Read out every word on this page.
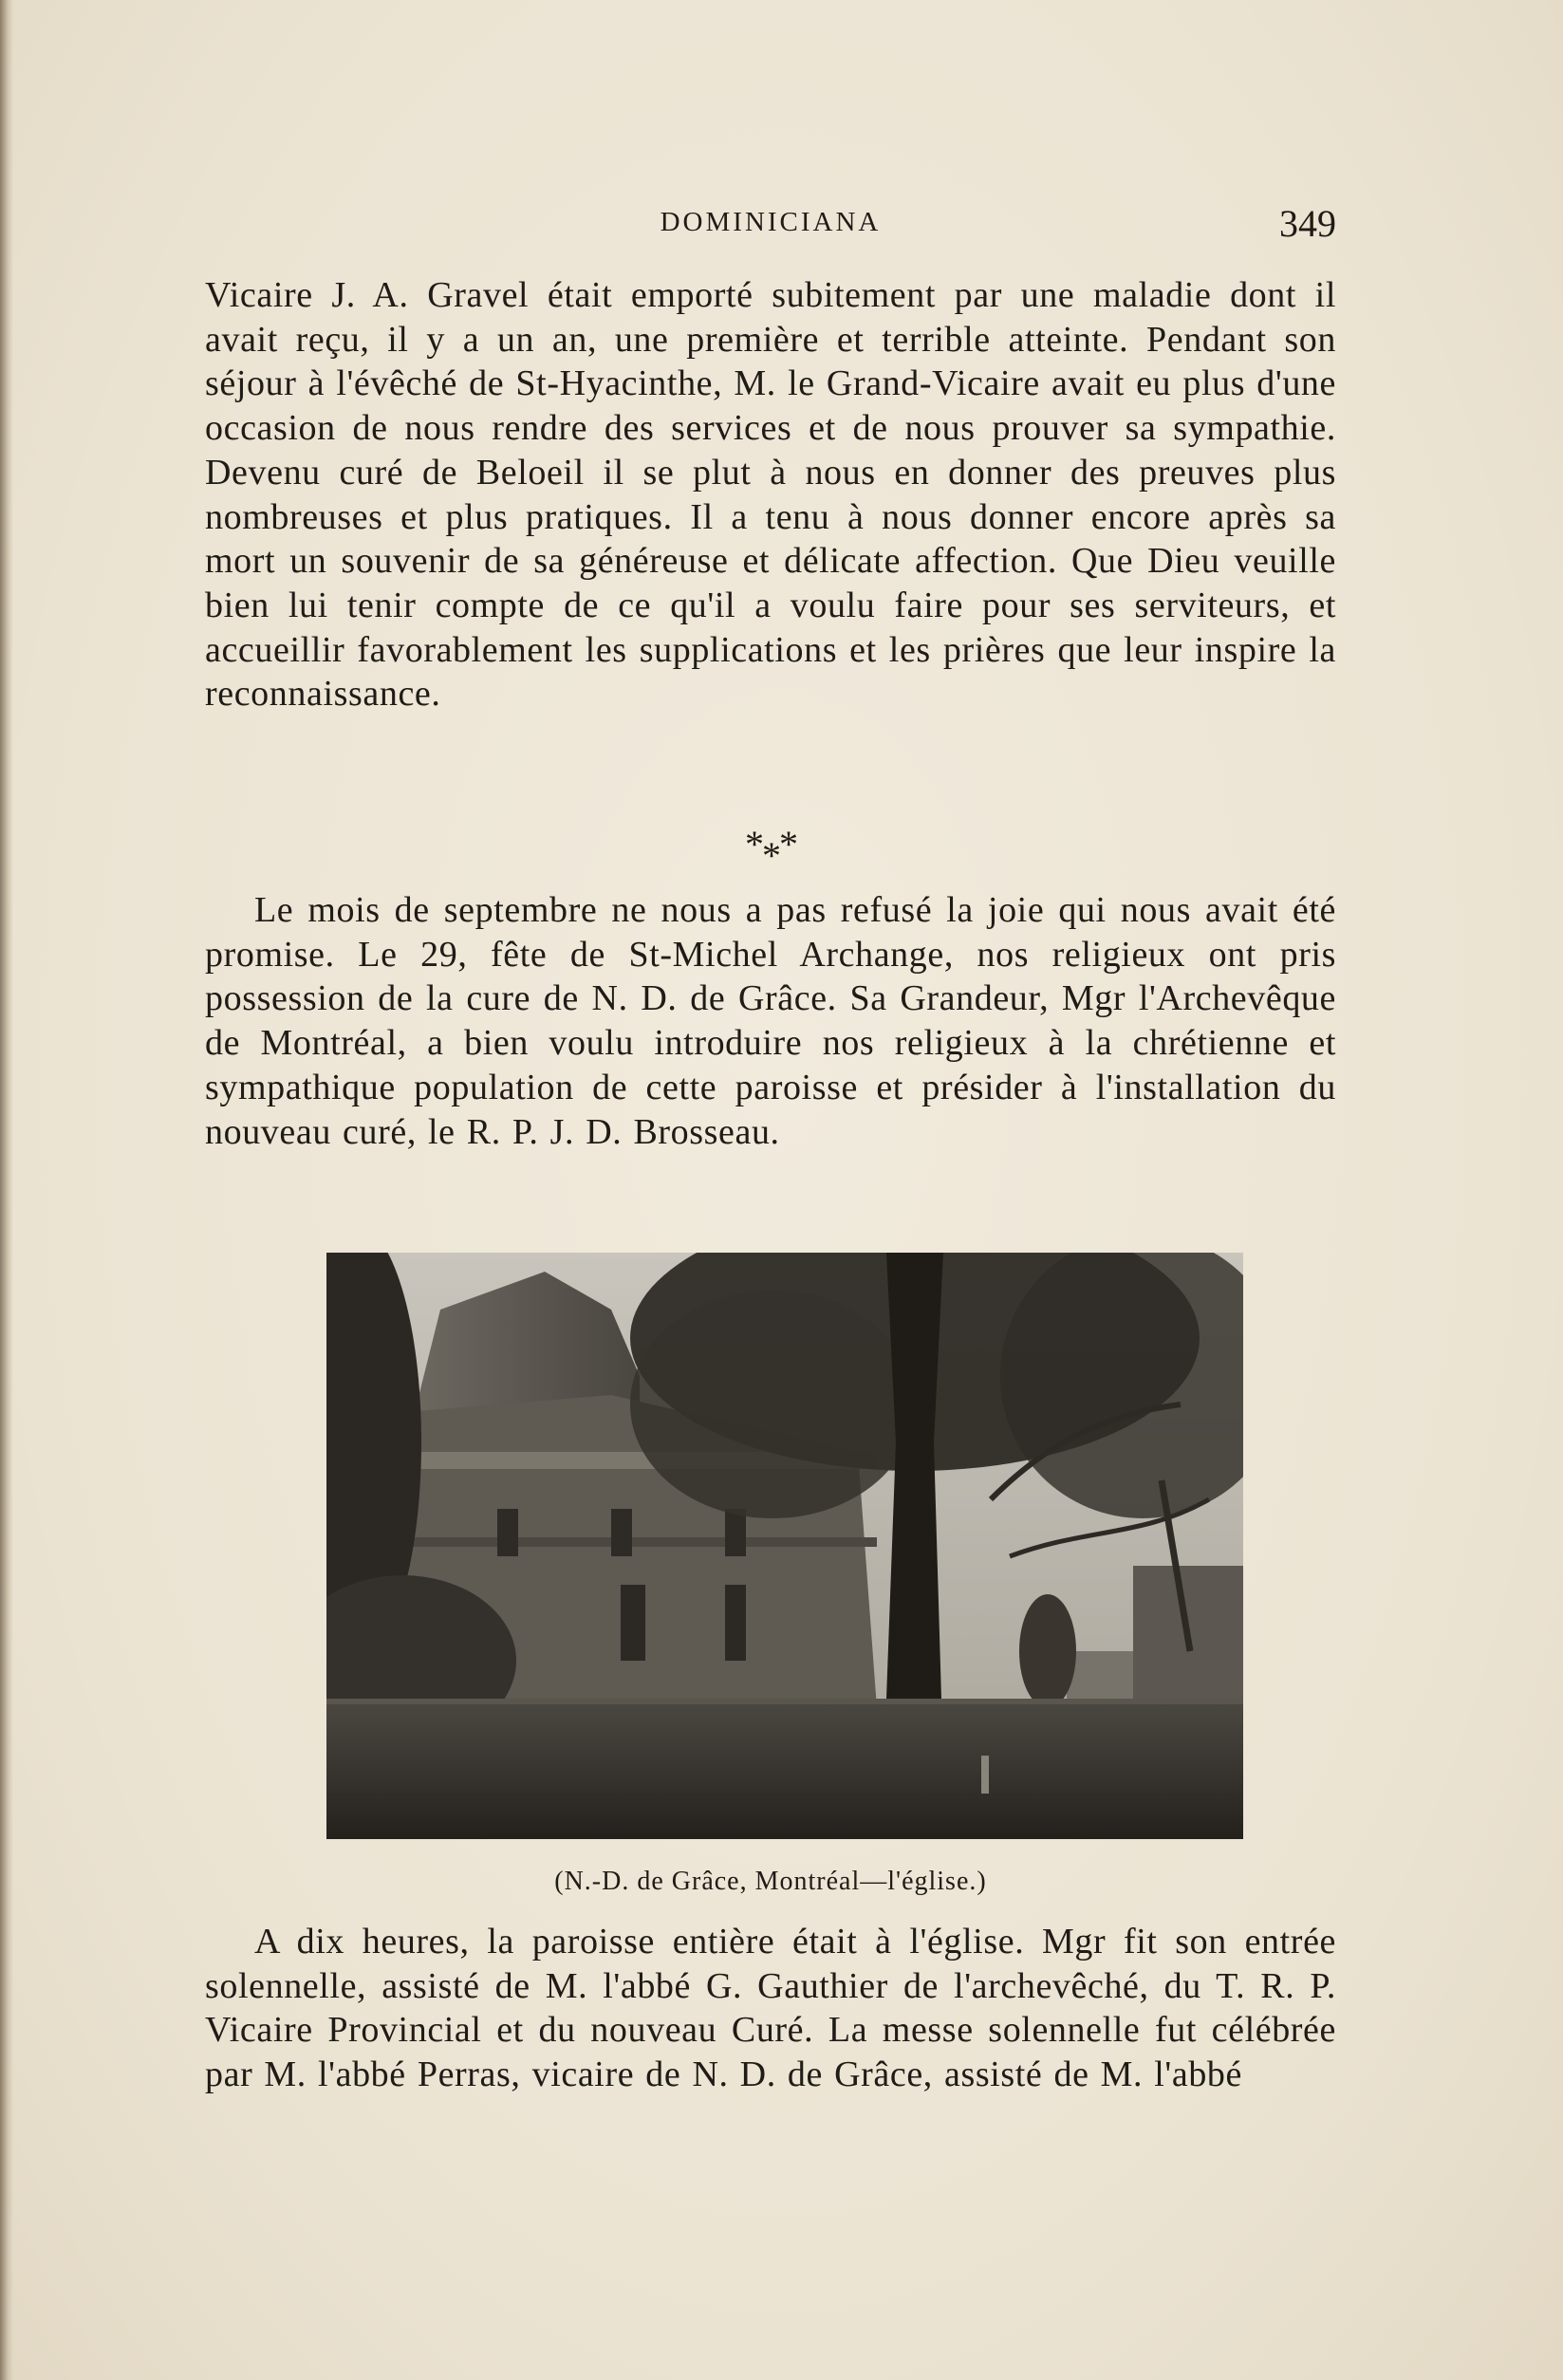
DOMINICIANA	349

Vicaire J. A. Gravel était emporté subitement par une maladie dont il avait reçu, il y a un an, une première et terrible atteinte. Pendant son séjour à l'évêché de St-Hyacinthe, M. le Grand-Vicaire avait eu plus d'une occasion de nous rendre des services et de nous prouver sa sympathie. Devenu curé de Beloeil il se plut à nous en donner des preuves plus nombreuses et plus pratiques. Il a tenu à nous donner encore après sa mort un souvenir de sa généreuse et délicate affection. Que Dieu veuille bien lui tenir compte de ce qu'il a voulu faire pour ses serviteurs, et accueillir favorablement les supplications et les prières que leur inspire la reconnaissance.

***

Le mois de septembre ne nous a pas refusé la joie qui nous avait été promise. Le 29, fête de St-Michel Archange, nos religieux ont pris possession de la cure de N. D. de Grâce. Sa Grandeur, Mgr l'Archevêque de Montréal, a bien voulu introduire nos religieux à la chrétienne et sympathique population de cette paroisse et présider à l'installation du nouveau curé, le R. P. J. D. Brosseau.

(N.-D. de Grâce, Montréal—l'église.)

A dix heures, la paroisse entière était à l'église. Mgr fit son entrée solennelle, assisté de M. l'abbé G. Gauthier de l'archevêché, du T. R. P. Vicaire Provincial et du nouveau Curé. La messe solennelle fut célébrée par M. l'abbé Perras, vicaire de N. D. de Grâce, assisté de M. l'abbé
